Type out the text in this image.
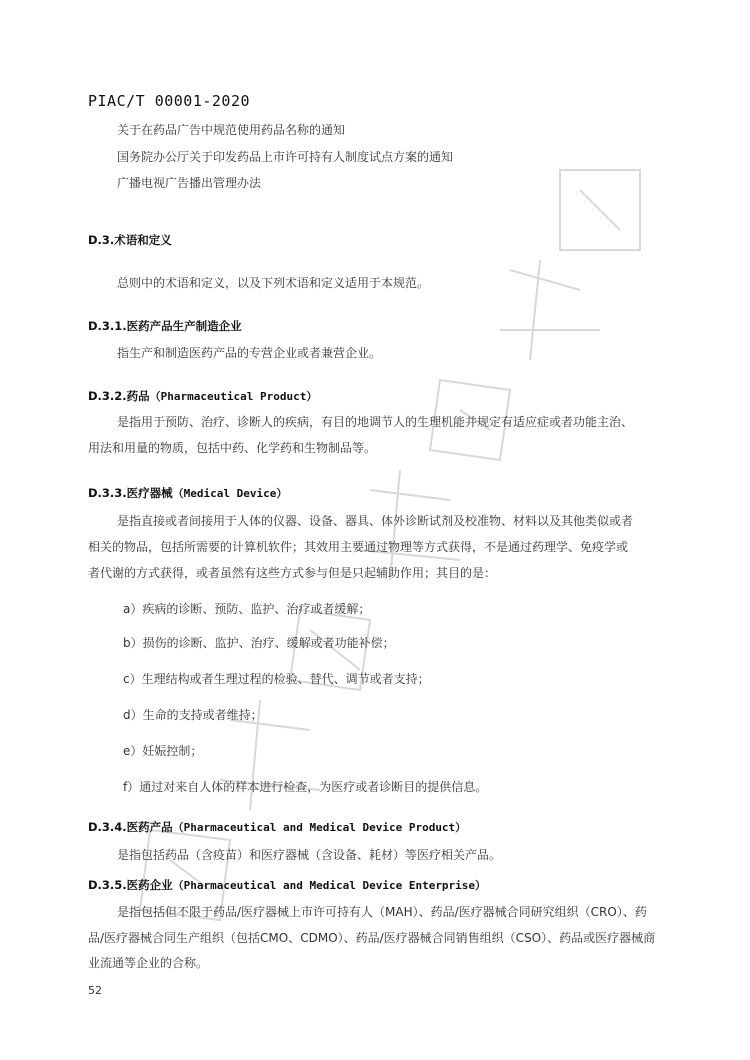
PIAC/T 00001-2020
关于在药品广告中规范使用药品名称的通知
国务院办公厅关于印发药品上市许可持有人制度试点方案的通知
广播电视广告播出管理办法
D.3.术语和定义
总则中的术语和定义，以及下列术语和定义适用于本规范。
D.3.1.医药产品生产制造企业
指生产和制造医药产品的专营企业或者兼营企业。
D.3.2.药品（Pharmaceutical Product）
是指用于预防、治疗、诊断人的疾病，有目的地调节人的生理机能并规定有适应症或者功能主治、
用法和用量的物质，包括中药、化学药和生物制品等。
D.3.3.医疗器械（Medical Device）
是指直接或者间接用于人体的仪器、设备、器具、体外诊断试剂及校准物、材料以及其他类似或者
相关的物品，包括所需要的计算机软件；其效用主要通过物理等方式获得，不是通过药理学、免疫学或
者代谢的方式获得，或者虽然有这些方式参与但是只起辅助作用；其目的是：
a）疾病的诊断、预防、监护、治疗或者缓解；
b）损伤的诊断、监护、治疗、缓解或者功能补偿；
c）生理结构或者生理过程的检验、替代、调节或者支持；
d）生命的支持或者维持；
e）妊娠控制；
f）通过对来自人体的样本进行检查，为医疗或者诊断目的提供信息。
D.3.4.医药产品（Pharmaceutical and Medical Device Product）
是指包括药品（含疫苗）和医疗器械（含设备、耗材）等医疗相关产品。
D.3.5.医药企业（Pharmaceutical and Medical Device Enterprise）
是指包括但不限于药品/医疗器械上市许可持有人（MAH）、药品/医疗器械合同研究组织（CRO）、药
品/医疗器械合同生产组织（包括CMO、CDMO）、药品/医疗器械合同销售组织（CSO）、药品或医疗器械商
业流通等企业的合称。
52
